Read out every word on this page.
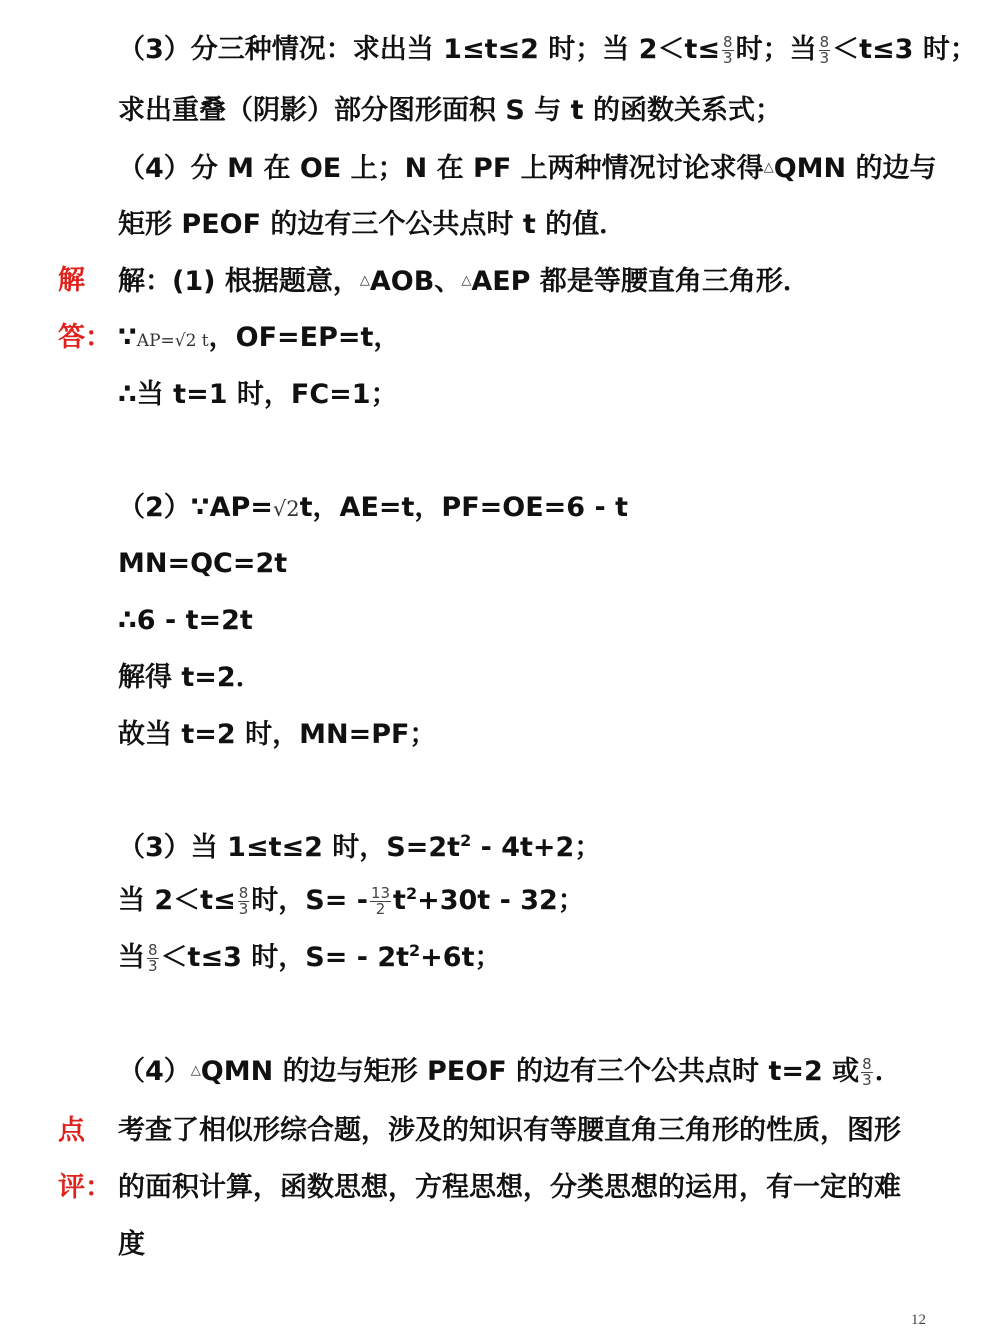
（3）分三种情况：求出当 1≤t≤2 时；当 $2<t\le \frac{8}{3}$ 时；当 $\frac{8}{3} <t\le 3$ 时；
求出重叠（阴影）部分图形面积 S 与 t 的函数关系式；
（4）分 M 在 OE 上；N 在 PF 上两种情况讨论求得△QMN 的边与
矩形 PEOF 的边有三个公共点时 t 的值．
解
答：
解：(1) 根据题意，△AOB、△AEP 都是等腰直角三角形．
∵AP=√2 t，OF=EP=t，
∴当 t=1 时，FC=1；
（2）∵AP=√2t，AE=t，PF=OE=6 - t
MN=QC=2t
∴6 - t=2t
解得 t=2．
故当 t=2 时，MN=PF；
（3）当 1≤t≤2 时，$S=2t^2 - 4t+2$；
当 $2<t\le \frac{8}{3}$ 时，$S= - \frac{13}{2} t^2+30t - 32$；
当 $\frac{8}{3} <t\le 3$ 时，$S= - 2t^2+6t$；
（4）△QMN 的边与矩形 PEOF 的边有三个公共点时 t=2 或 $\frac{8}{3}$ ．
点
评：
考查了相似形综合题，涉及的知识有等腰直角三角形的性质，图形
的面积计算，函数思想，方程思想，分类思想的运用，有一定的难
度
12
